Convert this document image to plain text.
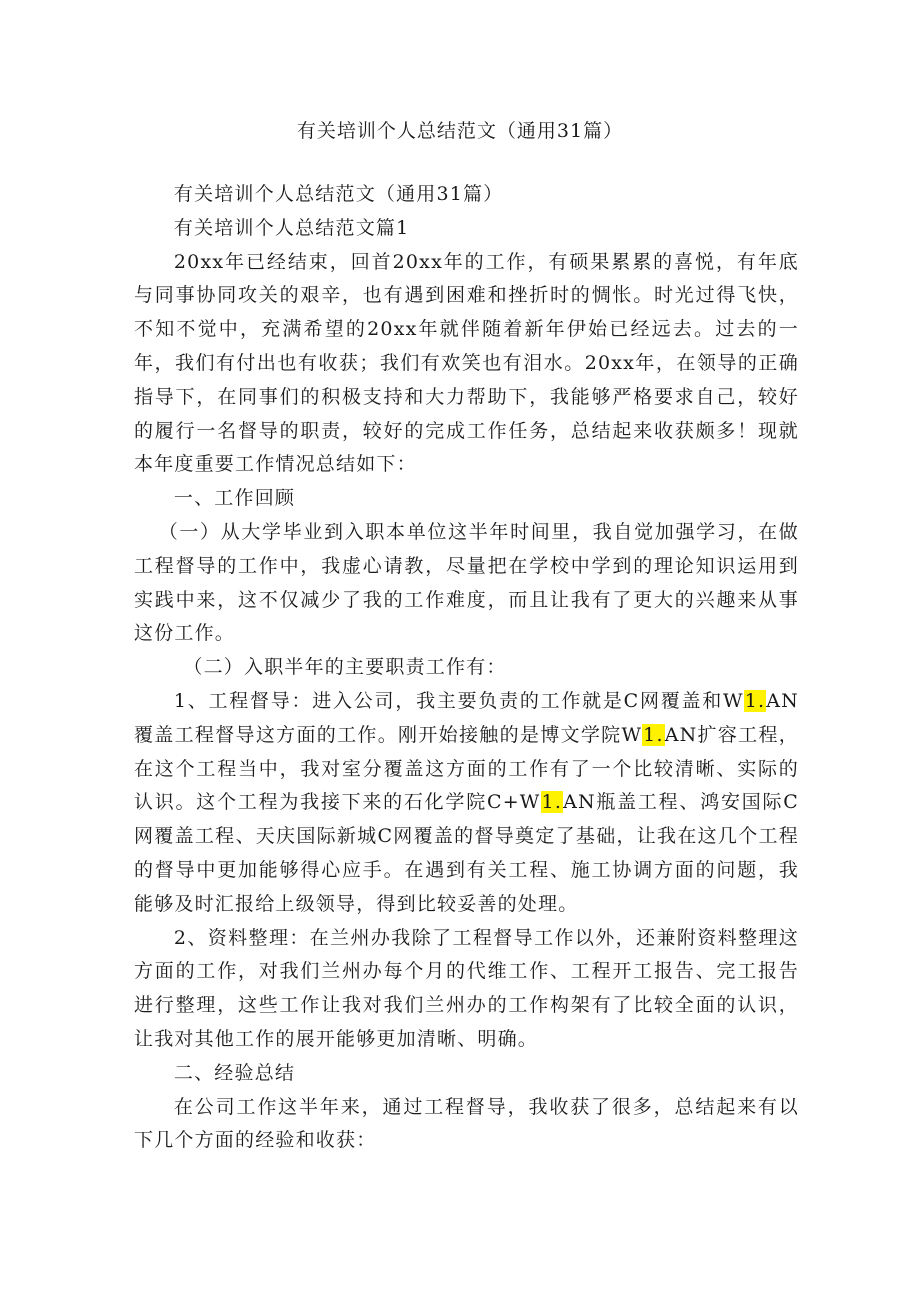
有关培训个人总结范文（通用31篇）

有关培训个人总结范文（通用31篇）

有关培训个人总结范文篇1

20xx年已经结束，回首20xx年的工作，有硕果累累的喜悦，有年底与同事协同攻关的艰辛，也有遇到困难和挫折时的惆怅。时光过得飞快，不知不觉中，充满希望的20xx年就伴随着新年伊始已经远去。过去的一年，我们有付出也有收获；我们有欢笑也有泪水。20xx年，在领导的正确指导下，在同事们的积极支持和大力帮助下，我能够严格要求自己，较好的履行一名督导的职责，较好的完成工作任务，总结起来收获颇多！现就本年度重要工作情况总结如下：

一、工作回顾

（一）从大学毕业到入职本单位这半年时间里，我自觉加强学习，在做工程督导的工作中，我虚心请教，尽量把在学校中学到的理论知识运用到实践中来，这不仅减少了我的工作难度，而且让我有了更大的兴趣来从事这份工作。

（二）入职半年的主要职责工作有：

1、工程督导：进入公司，我主要负责的工作就是C网覆盖和W1.AN覆盖工程督导这方面的工作。刚开始接触的是博文学院W1.AN扩容工程，在这个工程当中，我对室分覆盖这方面的工作有了一个比较清晰、实际的认识。这个工程为我接下来的石化学院C+W1.AN瓶盖工程、鸿安国际C网覆盖工程、天庆国际新城C网覆盖的督导奠定了基础，让我在这几个工程的督导中更加能够得心应手。在遇到有关工程、施工协调方面的问题，我能够及时汇报给上级领导，得到比较妥善的处理。

2、资料整理：在兰州办我除了工程督导工作以外，还兼附资料整理这方面的工作，对我们兰州办每个月的代维工作、工程开工报告、完工报告进行整理，这些工作让我对我们兰州办的工作构架有了比较全面的认识，让我对其他工作的展开能够更加清晰、明确。

二、经验总结

在公司工作这半年来，通过工程督导，我收获了很多，总结起来有以下几个方面的经验和收获：
